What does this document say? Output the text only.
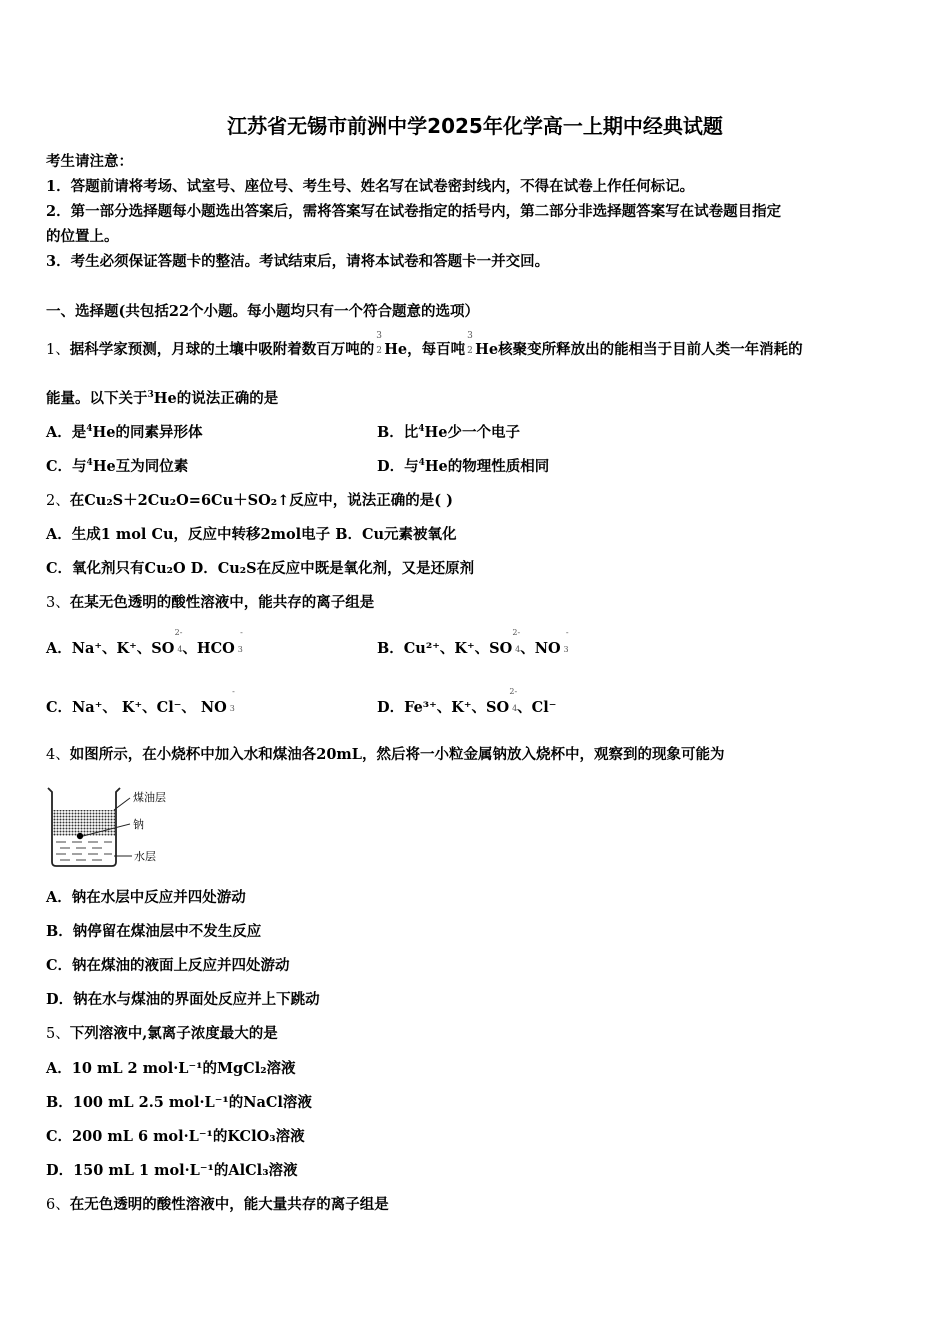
江苏省无锡市前洲中学2025年化学高一上期中经典试题
考生请注意：
1．答题前请将考场、试室号、座位号、考生号、姓名写在试卷密封线内，不得在试卷上作任何标记。
2．第一部分选择题每小题选出答案后，需将答案写在试卷指定的括号内，第二部分非选择题答案写在试卷题目指定
的位置上。
3．考生必须保证答题卡的整洁。考试结束后，请将本试卷和答题卡一并交回。
一、选择题(共包括22个小题。每小题均只有一个符合题意的选项）
1、据科学家预测，月球的土壤中吸附着数百万吨的
3
2 He，每百吨
3
2 He核聚变所释放出的能相当于目前人类一年消耗的
能量。以下关于$^3$He的说法正确的是
A．是$^4$He的同素异形体	B．比$^4$He少一个电子
C．与$^4$He互为同位素	D．与$^4$He的物理性质相同
2、在Cu₂S＋2Cu₂O=6Cu＋SO₂↑反应中，说法正确的是( )
A．生成1 mol Cu，反应中转移2mol电子 B．Cu元素被氧化
C．氧化剂只有Cu₂O D．Cu₂S在反应中既是氧化剂，又是还原剂
3、在某无色透明的酸性溶液中，能共存的离子组是
A．Na⁺、K⁺、SO
2-
4 、HCO
-
3	B．Cu²⁺、K⁺、SO
2-
4 、NO
-
3
C．Na⁺、 K⁺、Cl⁻、 NO
-
3	D．Fe³⁺、K⁺、SO
2-
4 、Cl⁻
4、如图所示，在小烧杯中加入水和煤油各20mL，然后将一小粒金属钠放入烧杯中，观察到的现象可能为
煤油层
钠
水层
A．钠在水层中反应并四处游动
B．钠停留在煤油层中不发生反应
C．钠在煤油的液面上反应并四处游动
D．钠在水与煤油的界面处反应并上下跳动
5、下列溶液中,氯离子浓度最大的是
A．10 mL 2 mol·L⁻¹的MgCl₂溶液
B．100 mL 2.5 mol·L⁻¹的NaCl溶液
C．200 mL 6 mol·L⁻¹的KClO₃溶液
D．150 mL 1 mol·L⁻¹的AlCl₃溶液
6、在无色透明的酸性溶液中，能大量共存的离子组是
